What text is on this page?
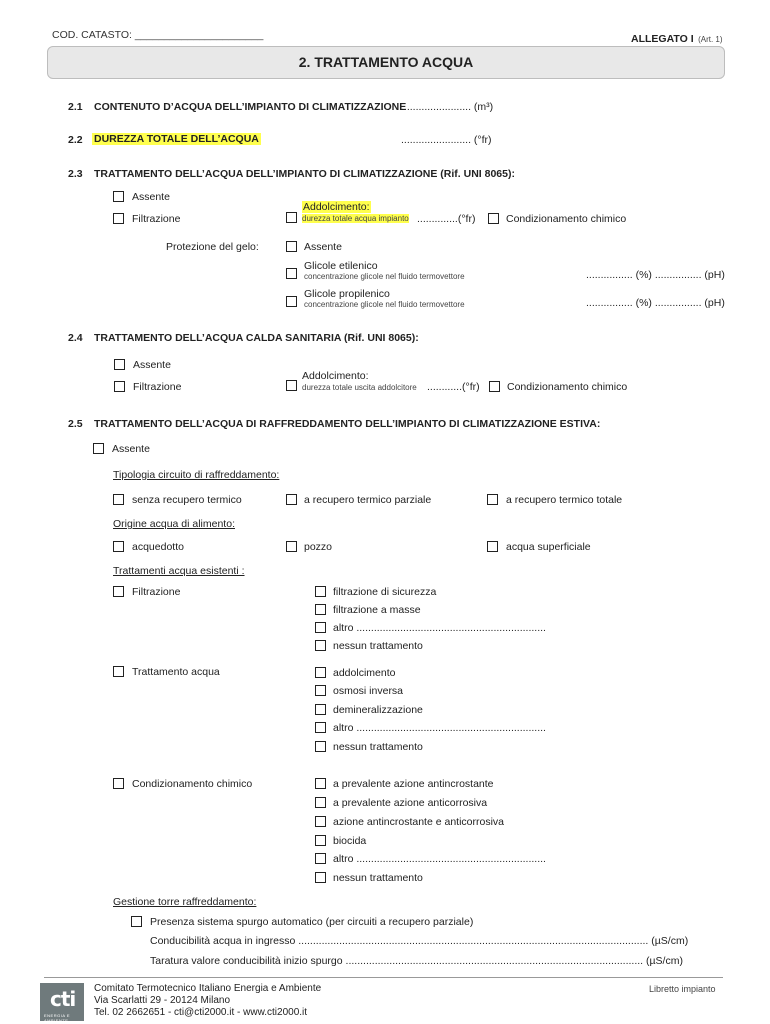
COD. CATASTO: ______________________	ALLEGATO I (Art. 1)
2. TRATTAMENTO ACQUA
2.1 CONTENUTO D’ACQUA DELL’IMPIANTO DI CLIMATIZZAZIONE
........................ (m³)
2.2 DUREZZA TOTALE DELL’ACQUA	........................ (°fr)
2.3 TRATTAMENTO DELL’ACQUA DELL’IMPIANTO DI CLIMATIZZAZIONE (Rif. UNI 8065):
Assente
Filtrazione
Addolcimento:
durezza totale acqua impianto ..............(°fr)	Condizionamento chimico
Protezione del gelo:	Assente
Glicole etilenico
concentrazione glicole nel fluido termovettore	................ (%) ................ (pH)
Glicole propilenico
concentrazione glicole nel fluido termovettore	................ (%) ................ (pH)
2.4 TRATTAMENTO DELL’ACQUA CALDA SANITARIA (Rif. UNI 8065):
Assente
Filtrazione
Addolcimento:
durezza totale uscita addolcitore ............(°fr)	Condizionamento chimico
2.5 TRATTAMENTO DELL’ACQUA DI RAFFREDDAMENTO DELL’IMPIANTO DI CLIMATIZZAZIONE ESTIVA:
Assente
Tipologia circuito di raffreddamento:
senza recupero termico	a recupero termico parziale	a recupero termico totale
Origine acqua di alimento:
acquedotto	pozzo	acqua superficiale
Trattamenti acqua esistenti :
Filtrazione	filtrazione di sicurezza
filtrazione a masse
altro .................................................................
nessun trattamento
Trattamento acqua	addolcimento
osmosi inversa
demineralizzazione
altro .................................................................
nessun trattamento
Condizionamento chimico	a prevalente azione antincrostante
a prevalente azione anticorrosiva
azione antincrostante e anticorrosiva
biocida
altro .................................................................
nessun trattamento
Gestione torre raffreddamento:
Presenza sistema spurgo automatico (per circuiti a recupero parziale)
Conducibilità acqua in ingresso ........................................................................................................................ (µS/cm)
Taratura valore conducibilità inizio spurgo ...................................................................................................... (µS/cm)
cti
ENERGIA E AMBIENTE
Comitato Termotecnico Italiano Energia e Ambiente
Via Scarlatti 29 - 20124 Milano
Tel. 02 2662651 - cti@cti2000.it - www.cti2000.it
Libretto impianto
